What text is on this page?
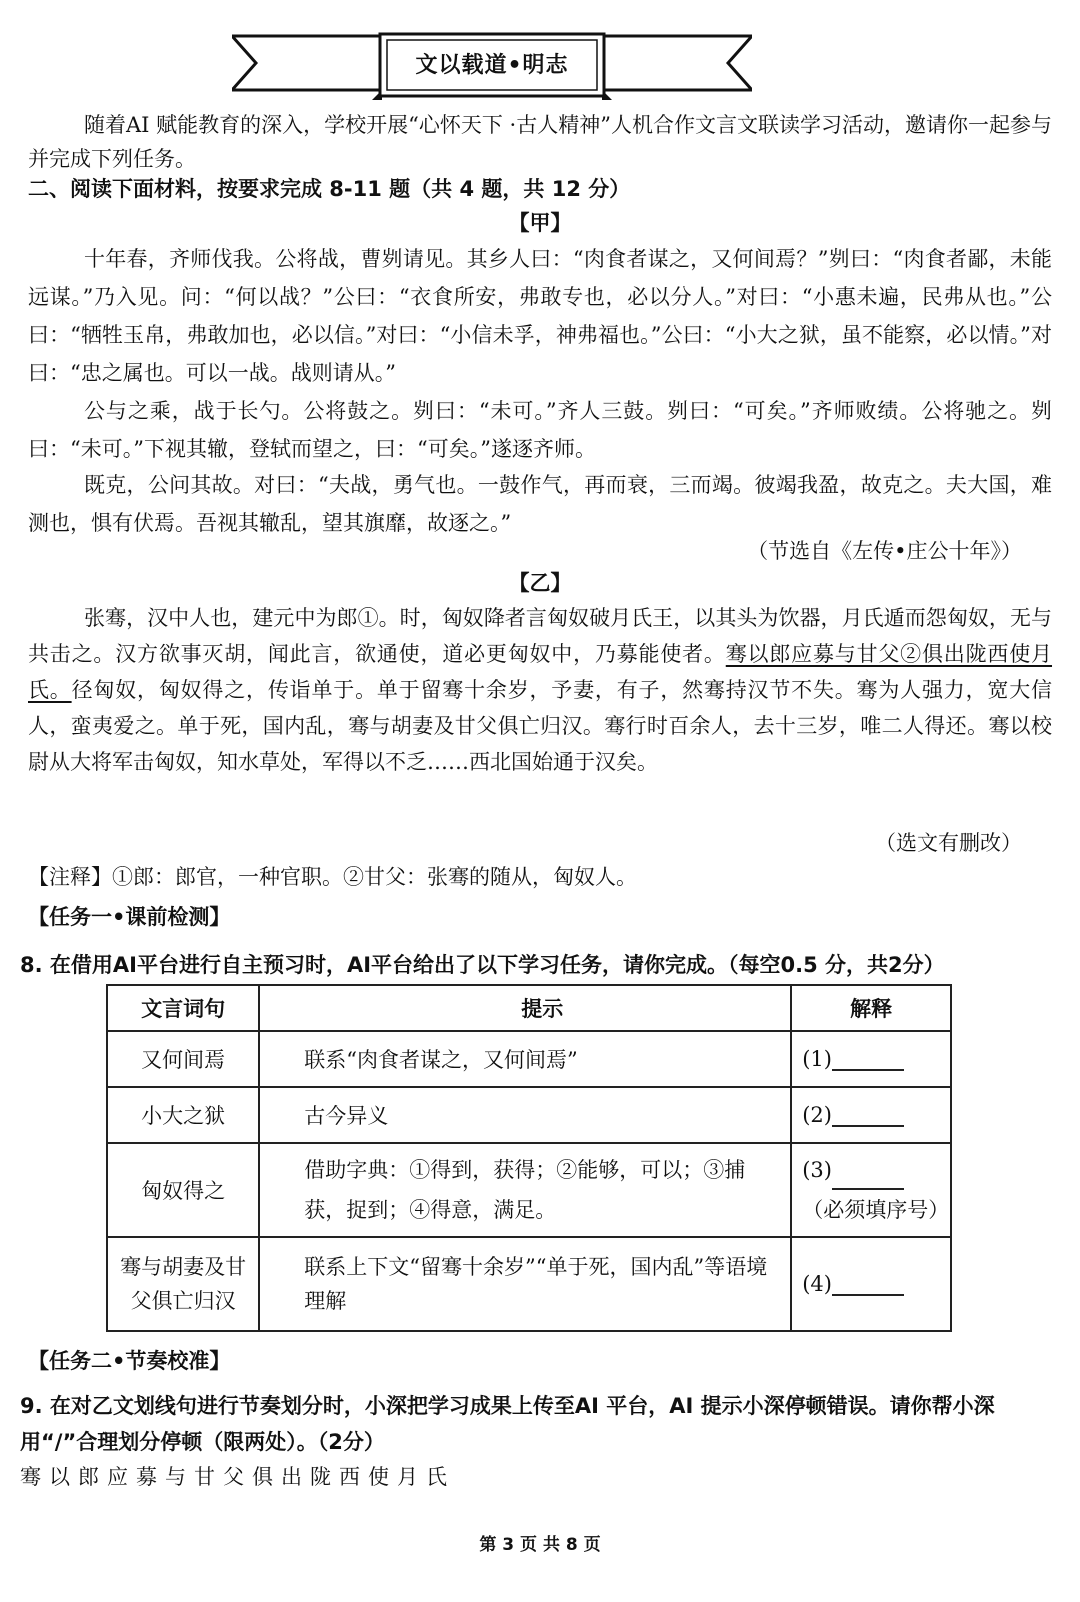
文以载道•明志
随着AI 赋能教育的深入，学校开展“心怀天下 ·古人精神”人机合作文言文联读学习活动，邀请你一起参与并完成下列任务。
二、阅读下面材料，按要求完成 8-11 题（共 4 题，共 12 分）
【甲】
十年春，齐师伐我。公将战，曹刿请见。其乡人曰：“肉食者谋之，又何间焉？”刿曰：“肉食者鄙，未能远谋。”乃入见。问：“何以战？”公曰：“衣食所安，弗敢专也，必以分人。”对曰：“小惠未遍，民弗从也。”公曰：“牺牲玉帛，弗敢加也，必以信。”对曰：“小信未孚，神弗福也。”公曰：“小大之狱，虽不能察，必以情。”对曰：“忠之属也。可以一战。战则请从。”
公与之乘，战于长勺。公将鼓之。刿曰：“未可。”齐人三鼓。刿曰：“可矣。”齐师败绩。公将驰之。刿曰：“未可。”下视其辙，登轼而望之，曰：“可矣。”遂逐齐师。
既克，公问其故。对曰：“夫战，勇气也。一鼓作气，再而衰，三而竭。彼竭我盈，故克之。夫大国，难测也，惧有伏焉。吾视其辙乱，望其旗靡，故逐之。”
（节选自《左传•庄公十年》）
【乙】
张骞，汉中人也，建元中为郎①。时，匈奴降者言匈奴破月氏王，以其头为饮器，月氏遁而怨匈奴，无与共击之。汉方欲事灭胡，闻此言，欲通使，道必更匈奴中，乃募能使者。骞以郎应募与甘父②俱出陇西使月氏。径匈奴，匈奴得之，传诣单于。单于留骞十余岁，予妻，有子，然骞持汉节不失。骞为人强力，宽大信人，蛮夷爱之。单于死，国内乱，骞与胡妻及甘父俱亡归汉。骞行时百余人，去十三岁，唯二人得还。骞以校尉从大将军击匈奴，知水草处，军得以不乏……西北国始通于汉矣。
（选文有删改）
【注释】①郎：郎官，一种官职。②甘父：张骞的随从，匈奴人。
【任务一•课前检测】
8. 在借用AI平台进行自主预习时，AI平台给出了以下学习任务，请你完成。（每空0.5 分，共2分）
文言词句	提示	解释
又何间焉	联系“肉食者谋之，又何间焉”	(1)
小大之狱	古今异义	(2)
匈奴得之	借助字典：①得到，获得；②能够，可以；③捕获，捉到；④得意，满足。	(3)
（必须填序号）
骞与胡妻及甘父俱亡归汉	联系上下文“留骞十余岁”“单于死，国内乱”等语境理解	(4)
【任务二•节奏校准】
9. 在对乙文划线句进行节奏划分时，小深把学习成果上传至AI 平台，AI 提示小深停顿错误。请你帮小深用“/”合理划分停顿（限两处）。（2分）
骞以郎应募与甘父俱出陇西使月氏
第 3 页 共 8 页
